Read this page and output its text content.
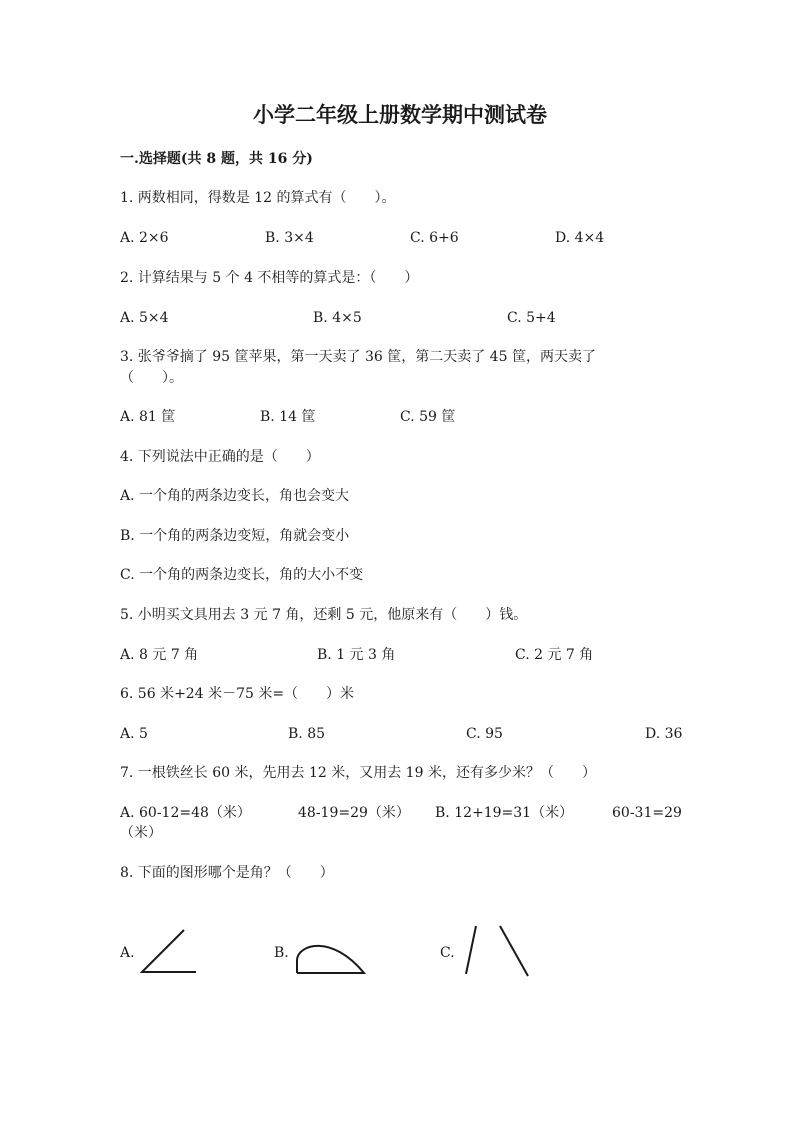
小学二年级上册数学期中测试卷
一.选择题(共 8 题，共 16 分)
1. 两数相同，得数是 12 的算式有（　　）。
A. 2×6	B. 3×4	C. 6+6	D. 4×4
2. 计算结果与 5 个 4 不相等的算式是：（　　）
A. 5×4	B. 4×5	C. 5+4
3. 张爷爷摘了 95 筐苹果，第一天卖了 36 筐，第二天卖了 45 筐，两天卖了
（　　）。
A. 81 筐	B. 14 筐	C. 59 筐
4. 下列说法中正确的是（　　）
A. 一个角的两条边变长，角也会变大
B. 一个角的两条边变短，角就会变小
C. 一个角的两条边变长，角的大小不变
5. 小明买文具用去 3 元 7 角，还剩 5 元，他原来有（　　）钱。
A. 8 元 7 角	B. 1 元 3 角	C. 2 元 7 角
6. 56 米+24 米－75 米=（　　）米
A. 5	B. 85	C. 95	D. 36
7. 一根铁丝长 60 米，先用去 12 米，又用去 19 米，还有多少米？（　　）
A. 60-12=48（米）	48-19=29（米） B. 12+19=31（米）	60-31=29
（米）
8. 下面的图形哪个是角？（　　）
A.	B.	C.
